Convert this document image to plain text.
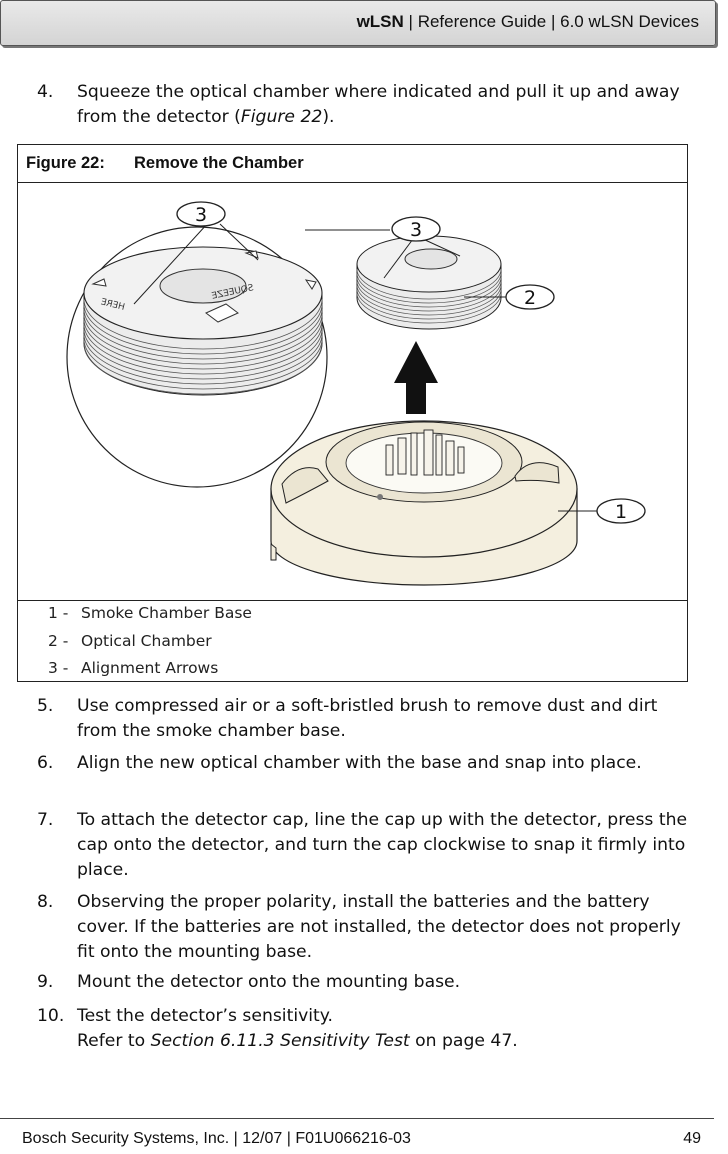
wLSN | Reference Guide | 6.0 wLSN Devices
4. Squeeze the optical chamber where indicated and pull it up and away from the detector (Figure 22).
Figure 22: Remove the Chamber
SQUEEZE
HERE
3
3
2
1
1 - Smoke Chamber Base
2 - Optical Chamber
3 - Alignment Arrows
5. Use compressed air or a soft-bristled brush to remove dust and dirt from the smoke chamber base.
6. Align the new optical chamber with the base and snap into place.
7. To attach the detector cap, line the cap up with the detector, press the cap onto the detector, and turn the cap clockwise to snap it firmly into place.
8. Observing the proper polarity, install the batteries and the battery cover. If the batteries are not installed, the detector does not properly fit onto the mounting base.
9. Mount the detector onto the mounting base.
10. Test the detector’s sensitivity.
Refer to Section 6.11.3 Sensitivity Test on page 47.
Bosch Security Systems, Inc. | 12/07 | F01U066216-03	49
